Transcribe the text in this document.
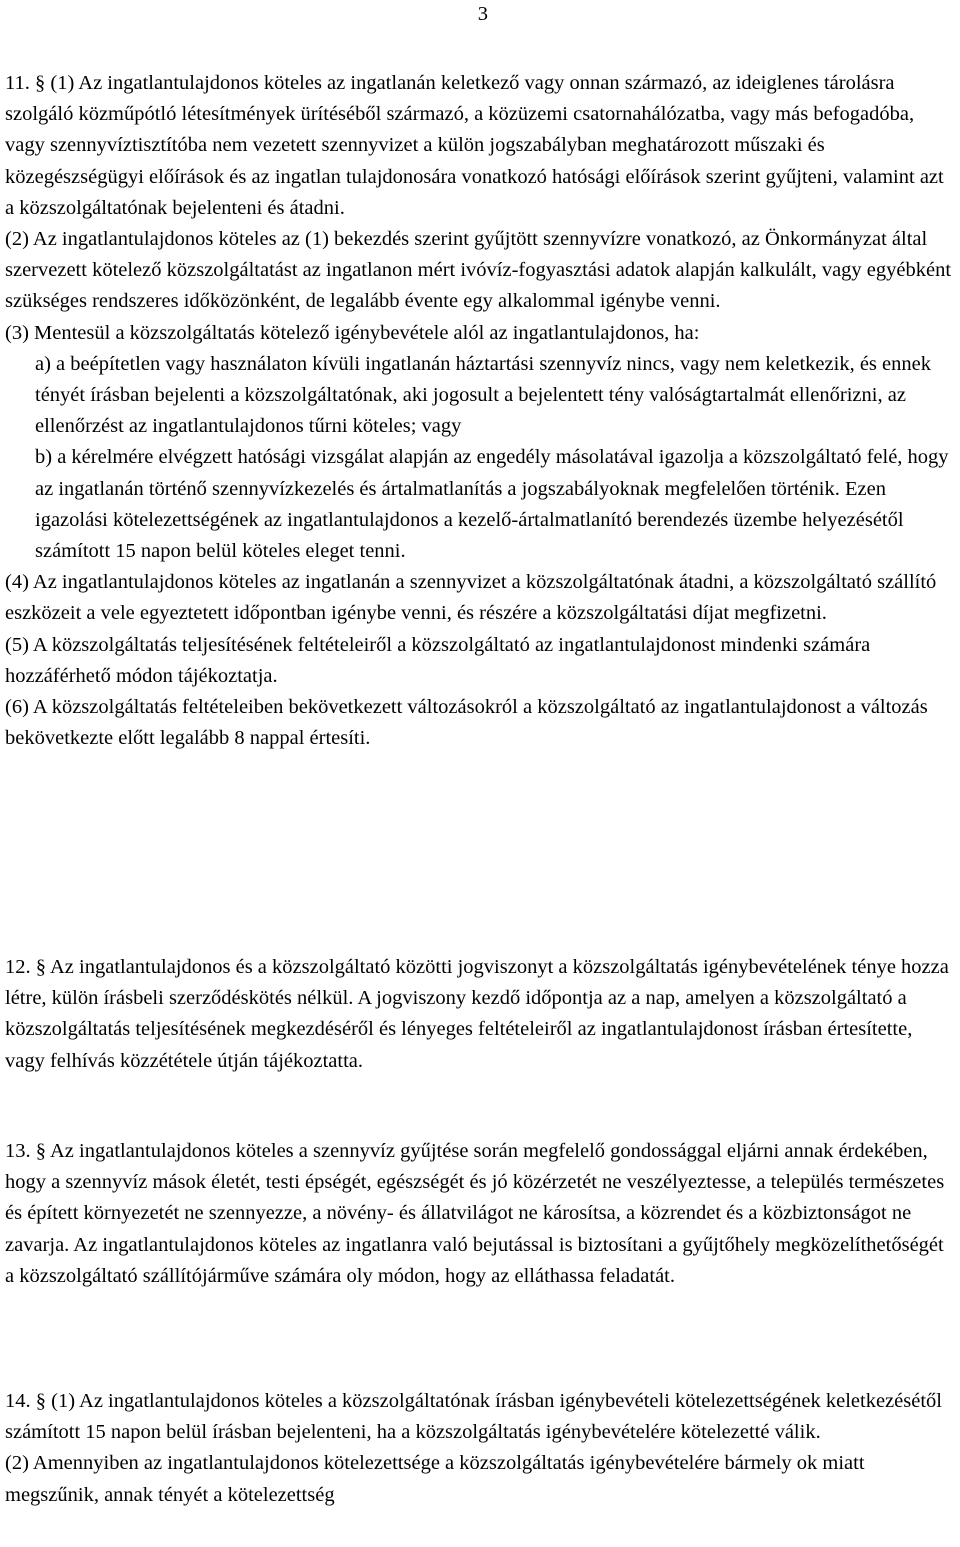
3

11. § (1) Az ingatlantulajdonos köteles az ingatlanán keletkező vagy onnan származó, az ideiglenes tárolásra szolgáló közműpótló létesítmények ürítéséből származó, a közüzemi csatornahálózatba, vagy más befogadóba, vagy szennyvíztisztítóba nem vezetett szennyvizet a külön jogszabályban meghatározott műszaki és közegészségügyi előírások és az ingatlan tulajdonosára vonatkozó hatósági előírások szerint gyűjteni, valamint azt a közszolgáltatónak bejelenteni és átadni.

(2) Az ingatlantulajdonos köteles az (1) bekezdés szerint gyűjtött szennyvízre vonatkozó, az Önkormányzat által szervezett kötelező közszolgáltatást az ingatlanon mért ivóvíz-fogyasztási adatok alapján kalkulált, vagy egyébként szükséges rendszeres időközönként, de legalább évente egy alkalommal igénybe venni.

(3) Mentesül a közszolgáltatás kötelező igénybevétele alól az ingatlantulajdonos, ha:

a) a beépítetlen vagy használaton kívüli ingatlanán háztartási szennyvíz nincs, vagy nem keletkezik, és ennek tényét írásban bejelenti a közszolgáltatónak, aki jogosult a bejelentett tény valóságtartalmát ellenőrizni, az ellenőrzést az ingatlantulajdonos tűrni köteles; vagy

b) a kérelmére elvégzett hatósági vizsgálat alapján az engedély másolatával igazolja a közszolgáltató felé, hogy az ingatlanán történő szennyvízkezelés és ártalmatlanítás a jogszabályoknak megfelelően történik. Ezen igazolási kötelezettségének az ingatlantulajdonos a kezelő-ártalmatlanító berendezés üzembe helyezésétől számított 15 napon belül köteles eleget tenni.

(4) Az ingatlantulajdonos köteles az ingatlanán a szennyvizet a közszolgáltatónak átadni, a közszolgáltató szállító eszközeit a vele egyeztetett időpontban igénybe venni, és részére a közszolgáltatási díjat megfizetni.

(5) A közszolgáltatás teljesítésének feltételeiről a közszolgáltató az ingatlantulajdonost mindenki számára hozzáférhető módon tájékoztatja.

(6) A közszolgáltatás feltételeiben bekövetkezett változásokról a közszolgáltató az ingatlantulajdonost a változás bekövetkezte előtt legalább 8 nappal értesíti.

12. § Az ingatlantulajdonos és a közszolgáltató közötti jogviszonyt a közszolgáltatás igénybevételének ténye hozza létre, külön írásbeli szerződéskötés nélkül. A jogviszony kezdő időpontja az a nap, amelyen a közszolgáltató a közszolgáltatás teljesítésének megkezdéséről és lényeges feltételeiről az ingatlantulajdonost írásban értesítette, vagy felhívás közzététele útján tájékoztatta.

13. § Az ingatlantulajdonos köteles a szennyvíz gyűjtése során megfelelő gondossággal eljárni annak érdekében, hogy a szennyvíz mások életét, testi épségét, egészségét és jó közérzetét ne veszélyeztesse, a település természetes és épített környezetét ne szennyezze, a növény- és állatvilágot ne károsítsa, a közrendet és a közbiztonságot ne zavarja. Az ingatlantulajdonos köteles az ingatlanra való bejutással is biztosítani a gyűjtőhely megközelíthetőségét a közszolgáltató szállítójárműve számára oly módon, hogy az elláthassa feladatát.

14. § (1) Az ingatlantulajdonos köteles a közszolgáltatónak írásban igénybevételi kötelezettségének keletkezésétől számított 15 napon belül írásban bejelenteni, ha a közszolgáltatás igénybevételére kötelezetté válik.

(2) Amennyiben az ingatlantulajdonos kötelezettsége a közszolgáltatás igénybevételére bármely ok miatt megszűnik, annak tényét a kötelezettség
